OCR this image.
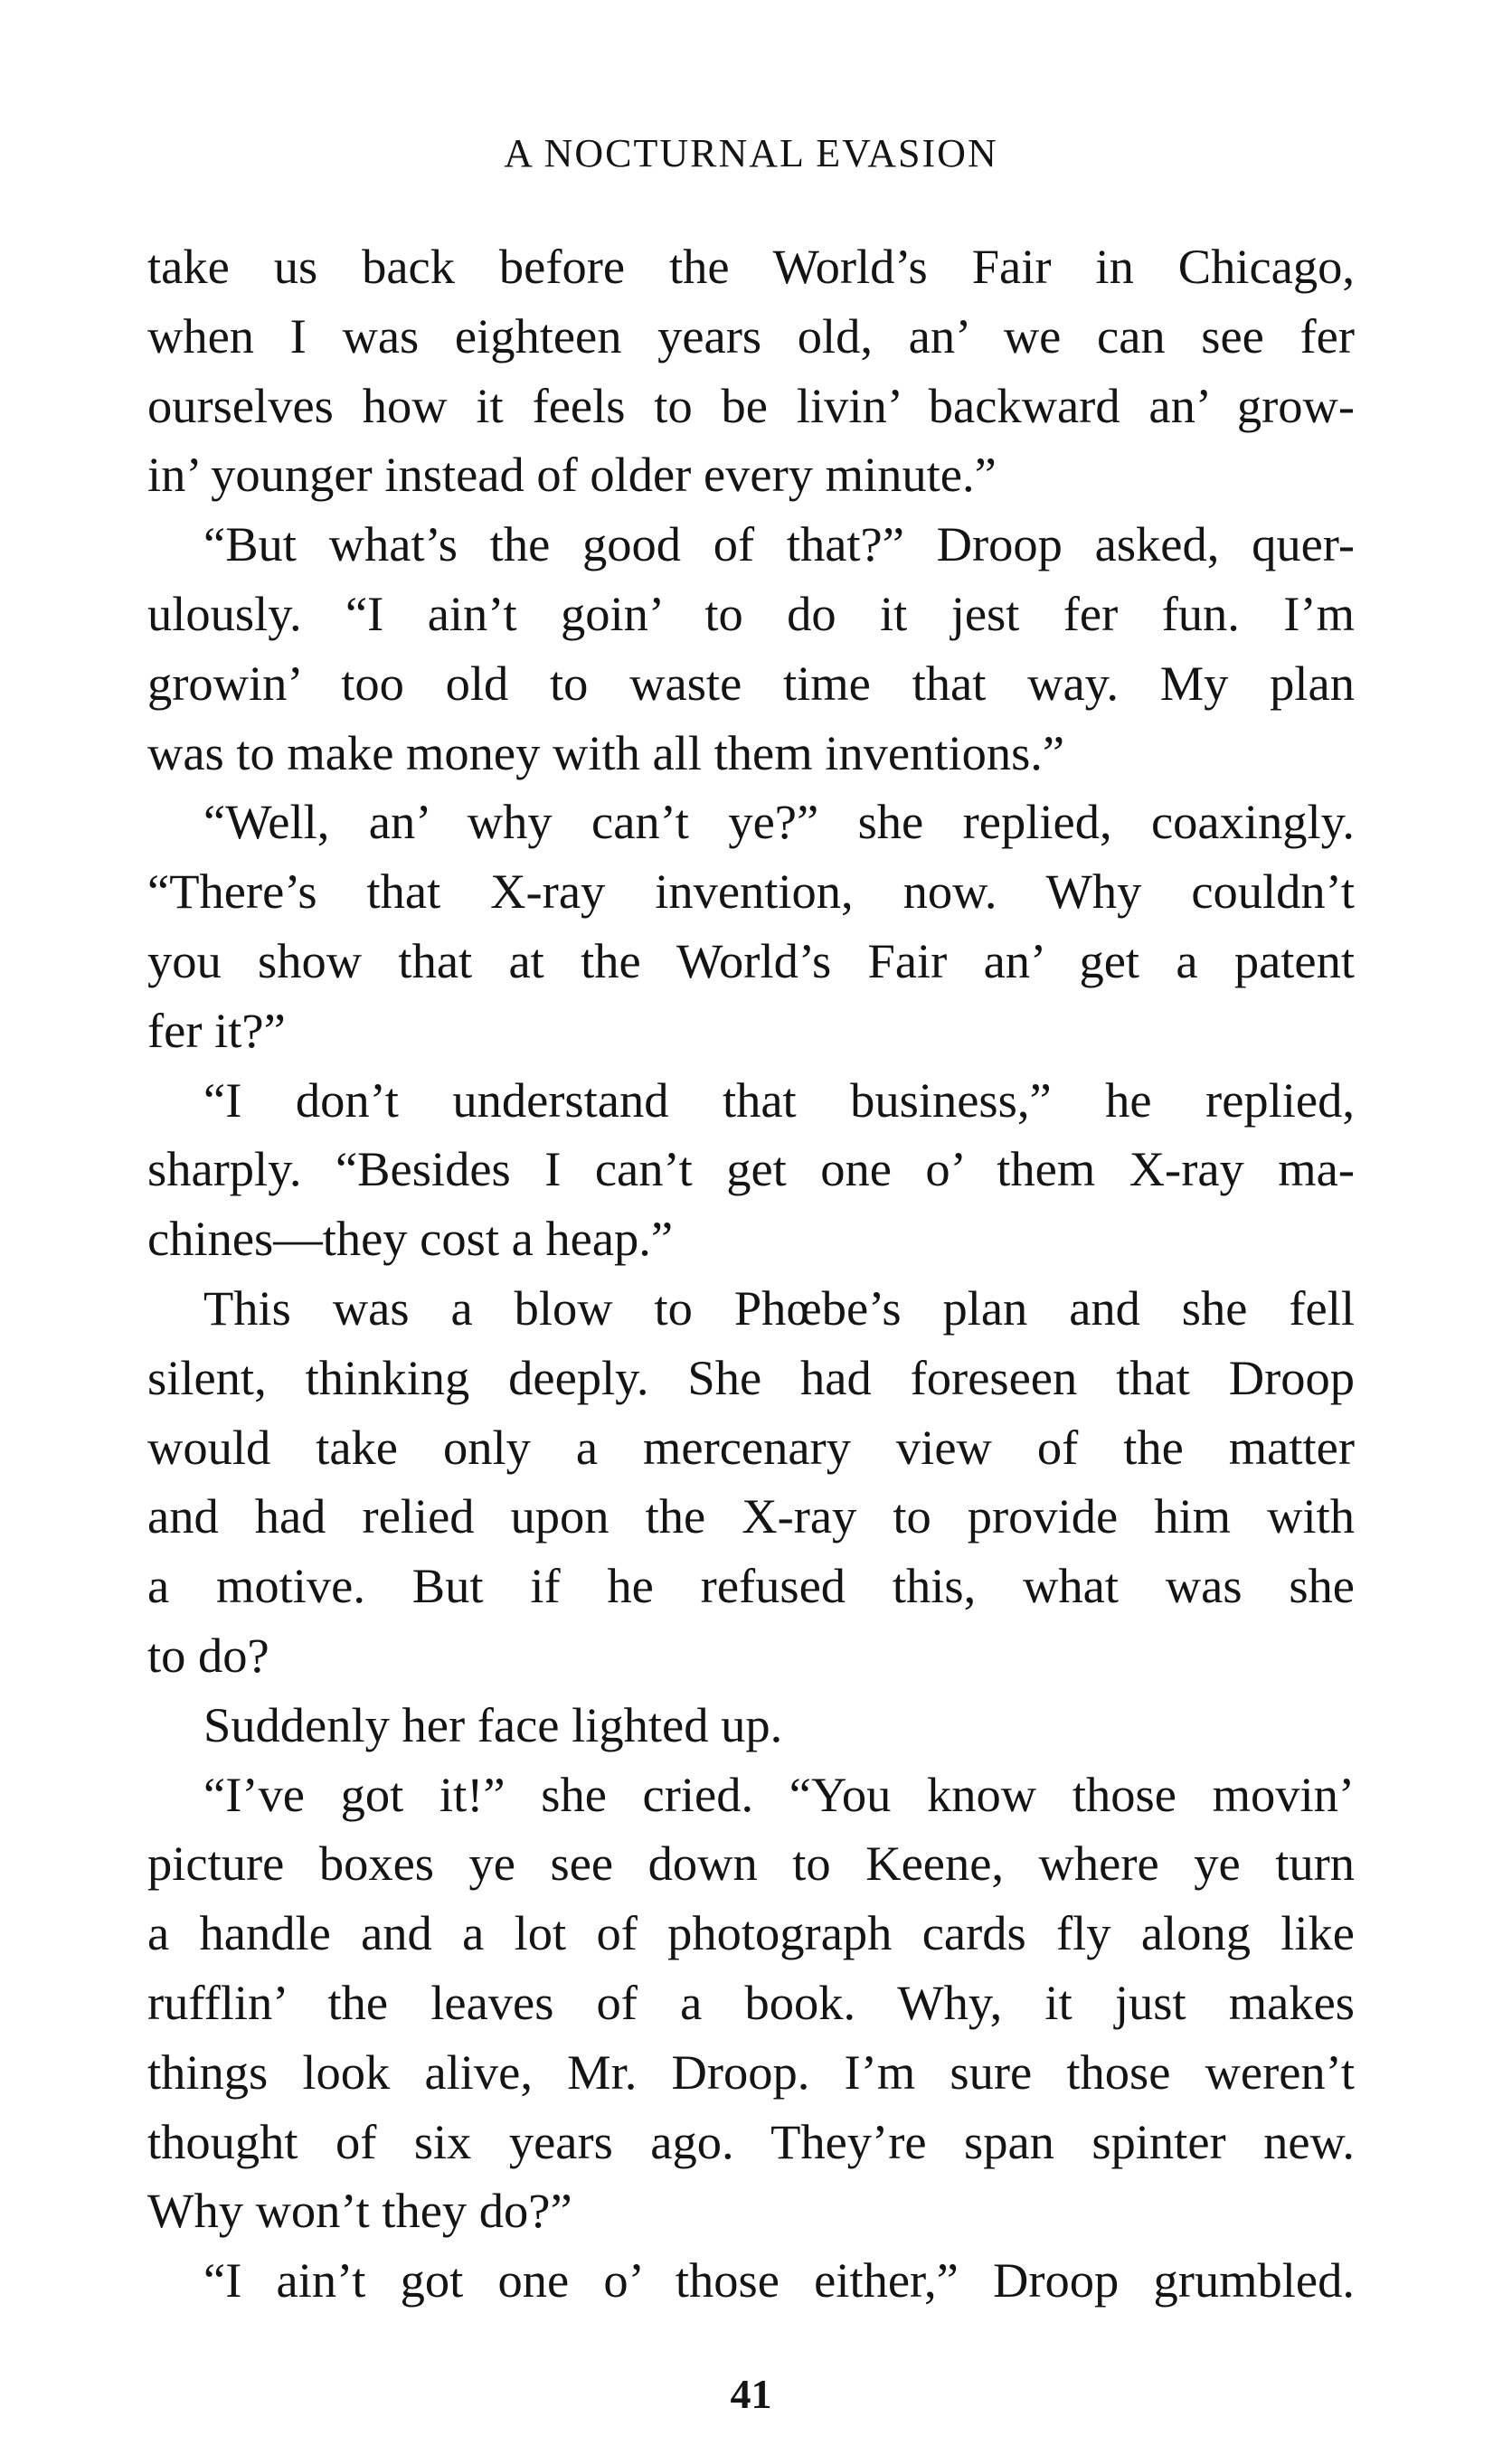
A NOCTURNAL EVASION
take us back before the World’s Fair in Chicago,
when I was eighteen years old, an’ we can see fer
ourselves how it feels to be livin’ backward an’ grow-
in’ younger instead of older every minute.”
“But what’s the good of that?” Droop asked, quer-
ulously. “I ain’t goin’ to do it jest fer fun. I’m
growin’ too old to waste time that way. My plan
was to make money with all them inventions.”
“Well, an’ why can’t ye?” she replied, coaxingly.
“There’s that X-ray invention, now. Why couldn’t
you show that at the World’s Fair an’ get a patent
fer it?”
“I don’t understand that business,” he replied,
sharply. “Besides I can’t get one o’ them X-ray ma-
chines—they cost a heap.”
This was a blow to Phœbe’s plan and she fell
silent, thinking deeply. She had foreseen that Droop
would take only a mercenary view of the matter
and had relied upon the X-ray to provide him with
a motive. But if he refused this, what was she
to do?
Suddenly her face lighted up.
“I’ve got it!” she cried. “You know those movin’
picture boxes ye see down to Keene, where ye turn
a handle and a lot of photograph cards fly along like
rufflin’ the leaves of a book. Why, it just makes
things look alive, Mr. Droop. I’m sure those weren’t
thought of six years ago. They’re span spinter new.
Why won’t they do?”
“I ain’t got one o’ those either,” Droop grumbled.
41
